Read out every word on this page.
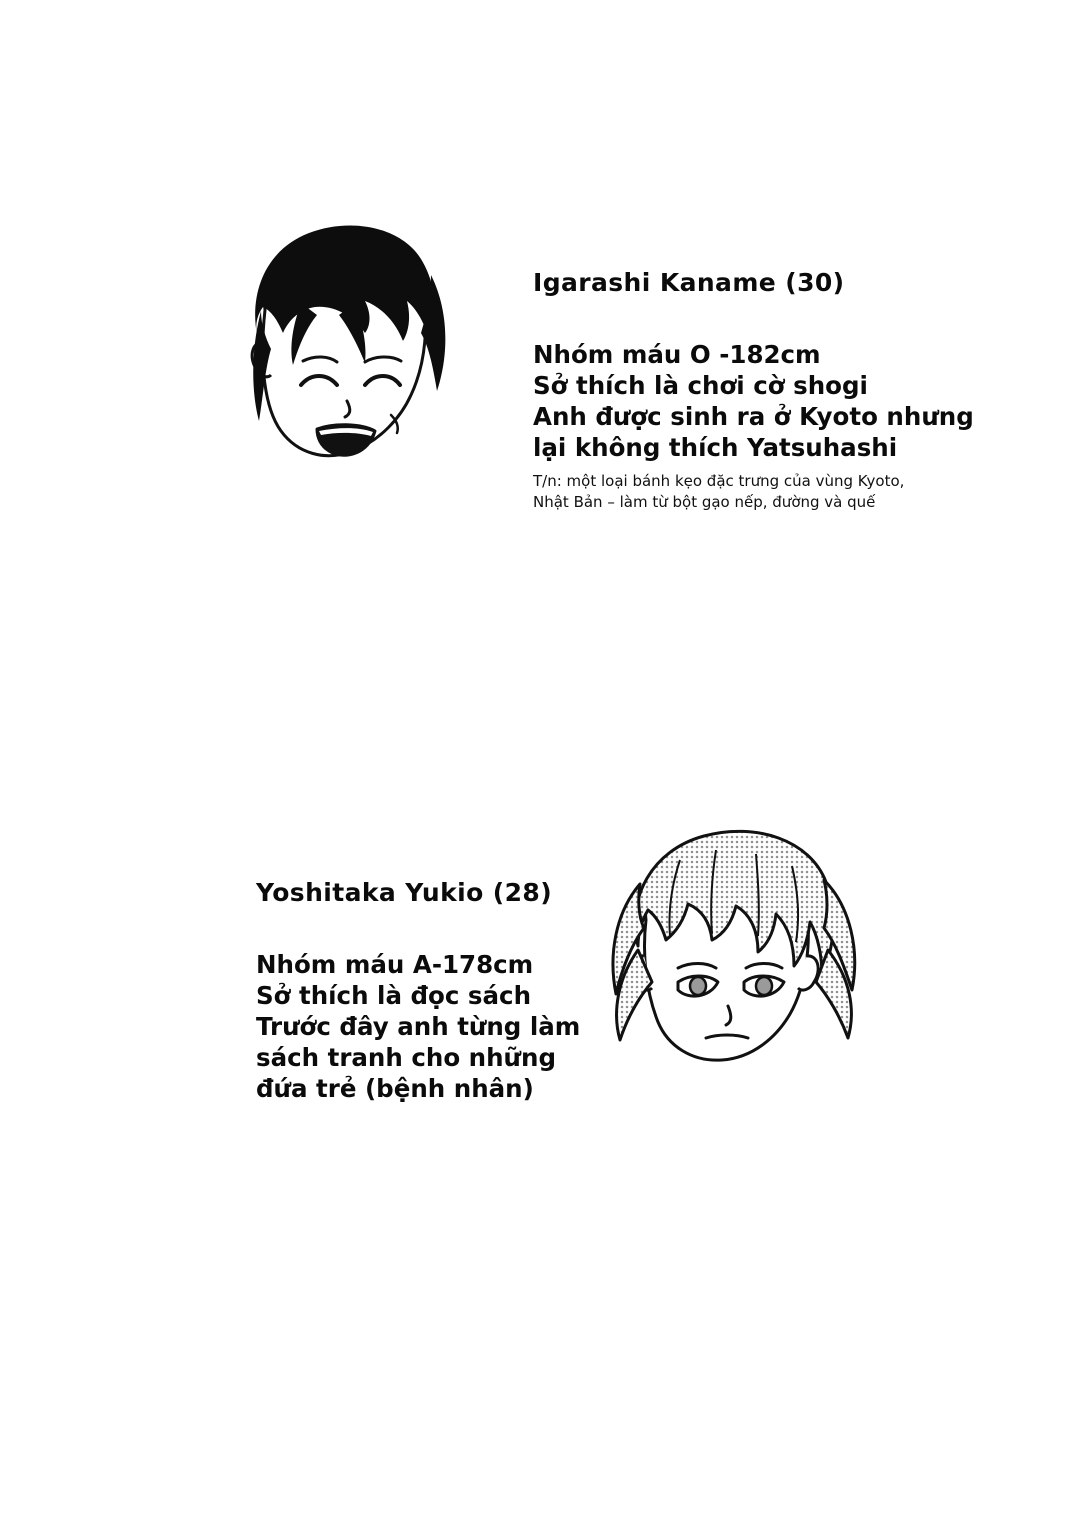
Igarashi Kaname (30)
Nhóm máu O -182cm
Sở thích là chơi cờ shogi
Anh được sinh ra ở Kyoto nhưng
lại không thích Yatsuhashi
T/n: một loại bánh kẹo đặc trưng của vùng Kyoto,
Nhật Bản – làm từ bột gạo nếp, đường và quế
Yoshitaka Yukio (28)
Nhóm máu A-178cm
Sở thích là đọc sách
Trước đây anh từng làm
sách tranh cho những
đứa trẻ (bệnh nhân)
